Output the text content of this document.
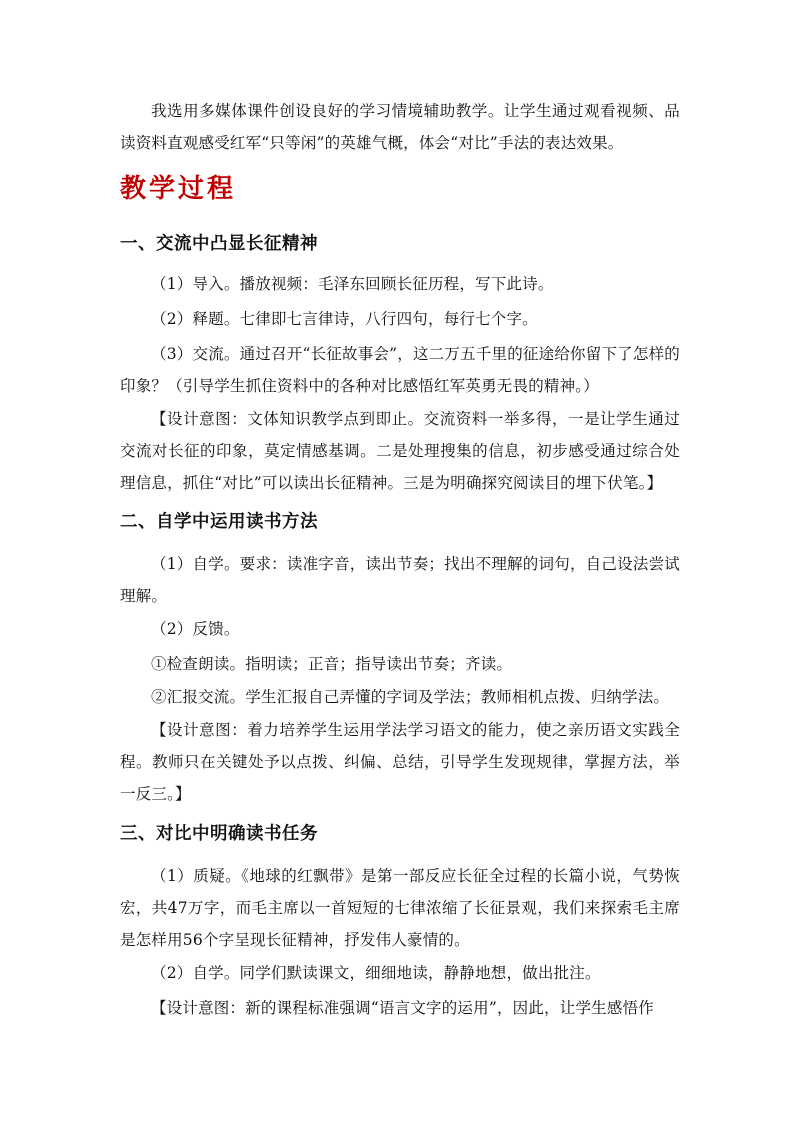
我选用多媒体课件创设良好的学习情境辅助教学。让学生通过观看视频、品读资料直观感受红军“只等闲”的英雄气概，体会“对比”手法的表达效果。

教学过程
一、交流中凸显长征精神

（1）导入。播放视频：毛泽东回顾长征历程，写下此诗。

（2）释题。七律即七言律诗，八行四句，每行七个字。

（3）交流。通过召开“长征故事会”，这二万五千里的征途给你留下了怎样的印象？（引导学生抓住资料中的各种对比感悟红军英勇无畏的精神。）

【设计意图：文体知识教学点到即止。交流资料一举多得，一是让学生通过交流对长征的印象，莫定情感基调。二是处理搜集的信息，初步感受通过综合处理信息，抓住“对比”可以读出长征精神。三是为明确探究阅读目的埋下伏笔。】

二、自学中运用读书方法

（1）自学。要求：读准字音，读出节奏；找出不理解的词句，自己设法尝试理解。

（2）反馈。

①检查朗读。指明读；正音；指导读出节奏；齐读。

②汇报交流。学生汇报自己弄懂的字词及学法；教师相机点拨、归纳学法。

【设计意图：着力培养学生运用学法学习语文的能力，使之亲历语文实践全程。教师只在关键处予以点拨、纠偏、总结，引导学生发现规律，掌握方法，举一反三。】

三、对比中明确读书任务

（1）质疑。《地球的红飘带》是第一部反应长征全过程的长篇小说，气势恢宏，共47万字，而毛主席以一首短短的七律浓缩了长征景观，我们来探索毛主席是怎样用56个字呈现长征精神，抒发伟人豪情的。

（2）自学。同学们默读课文，细细地读，静静地想，做出批注。

【设计意图：新的课程标准强调“语言文字的运用”，因此，让学生感悟作
